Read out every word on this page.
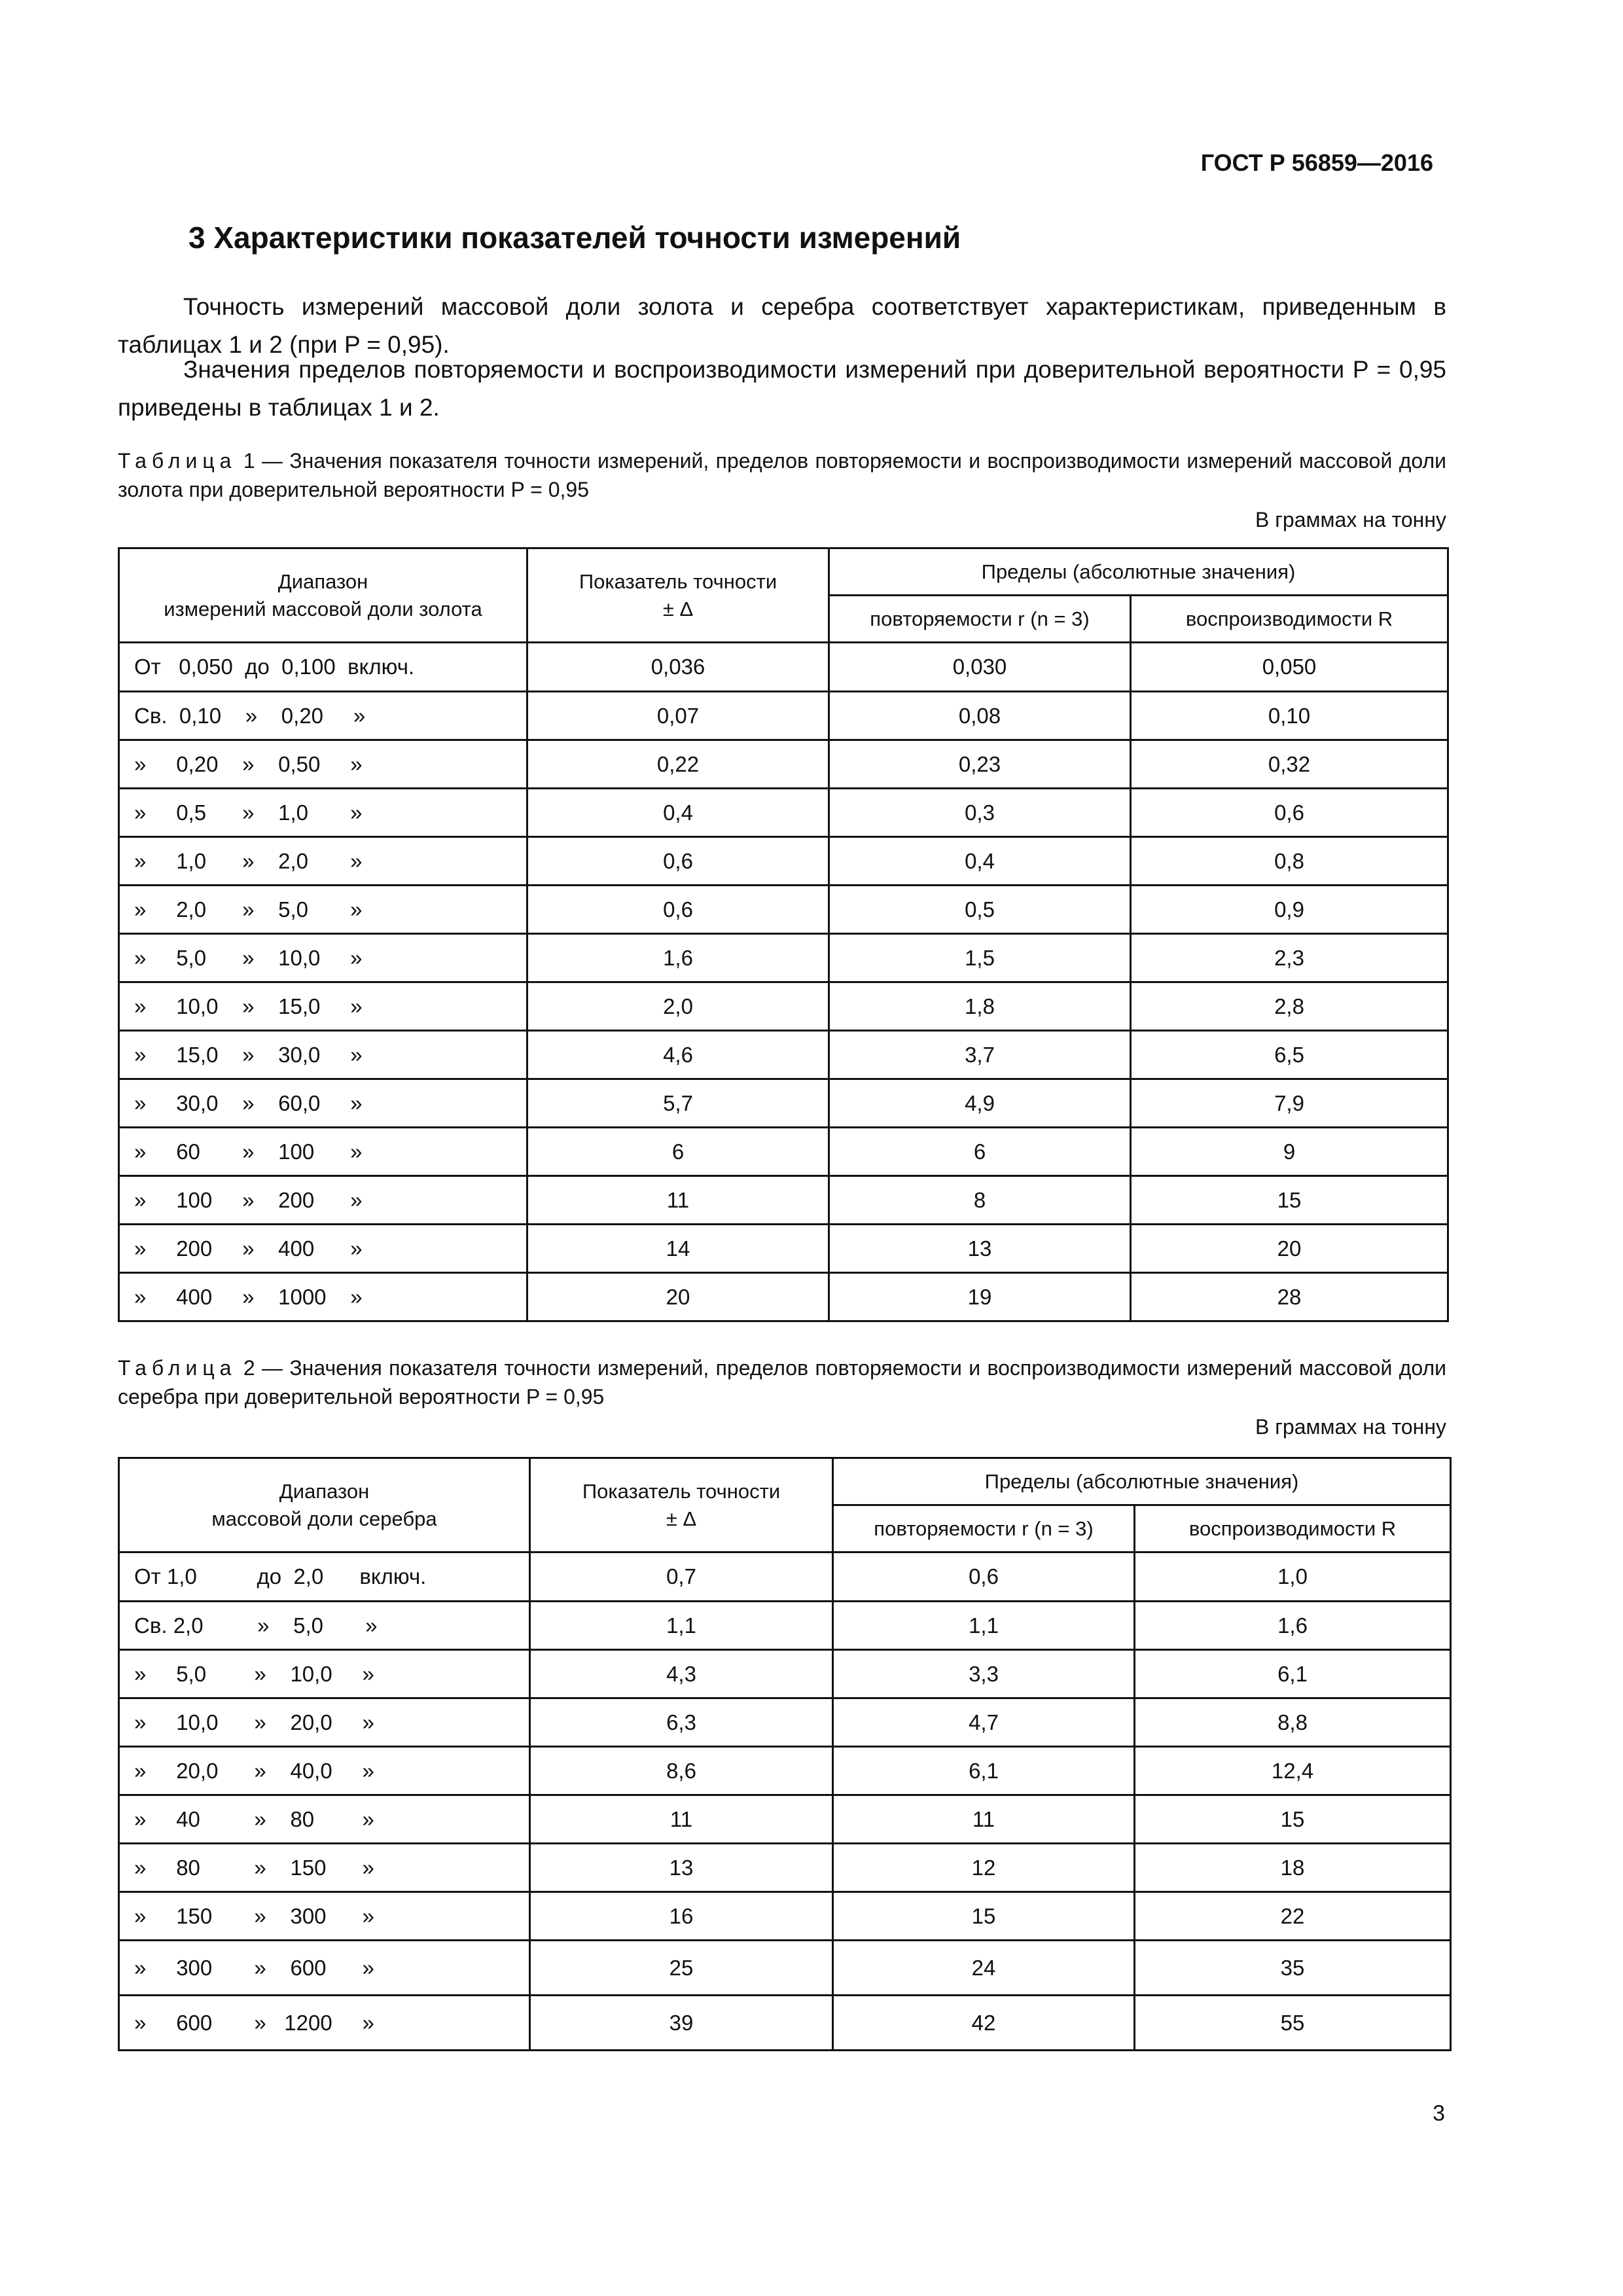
ГОСТ Р 56859—2016
3 Характеристики показателей точности измерений

Точность измерений массовой доли золота и серебра соответствует характеристикам, приведенным в таблицах 1 и 2 (при P = 0,95).

Значения пределов повторяемости и воспроизводимости измерений при доверительной вероятности P = 0,95 приведены в таблицах 1 и 2.

Таблица 1 — Значения показателя точности измерений, пределов повторяемости и воспроизводимости измерений массовой доли золота при доверительной вероятности P = 0,95
В граммах на тонну
Диапазон
измерений массовой доли золота	Показатель точности
± Δ	Пределы (абсолютные значения)	
		повторяемости r (n = 3)	воспроизводимости R
От   0,050  до  0,100  включ.	0,036	0,030	0,050
Св.  0,10    »    0,20     »	0,07	0,08	0,10
»     0,20    »    0,50     »	0,22	0,23	0,32
»     0,5      »    1,0       »	0,4	0,3	0,6
»     1,0      »    2,0       »	0,6	0,4	0,8
»     2,0      »    5,0       »	0,6	0,5	0,9
»     5,0      »    10,0     »	1,6	1,5	2,3
»     10,0    »    15,0     »	2,0	1,8	2,8
»     15,0    »    30,0     »	4,6	3,7	6,5
»     30,0    »    60,0     »	5,7	4,9	7,9
»     60       »    100      »	6	6	9
»     100     »    200      »	11	8	15
»     200     »    400      »	14	13	20
»     400     »    1000    »	20	19	28
Таблица 2 — Значения показателя точности измерений, пределов повторяемости и воспроизводимости измерений массовой доли серебра при доверительной вероятности P = 0,95
В граммах на тонну
Диапазон
массовой доли серебра	Показатель точности
± Δ	Пределы (абсолютные значения)	
		повторяемости r (n = 3)	воспроизводимости R
От 1,0          до  2,0      включ.	0,7	0,6	1,0
Св. 2,0         »    5,0       »	1,1	1,1	1,6
»     5,0        »    10,0     »	4,3	3,3	6,1
»     10,0      »    20,0     »	6,3	4,7	8,8
»     20,0      »    40,0     »	8,6	6,1	12,4
»     40         »    80        »	11	11	15
»     80         »    150      »	13	12	18
»     150       »    300      »	16	15	22
»     300       »    600      »	25	24	35
»     600       »   1200     »	39	42	55
3
